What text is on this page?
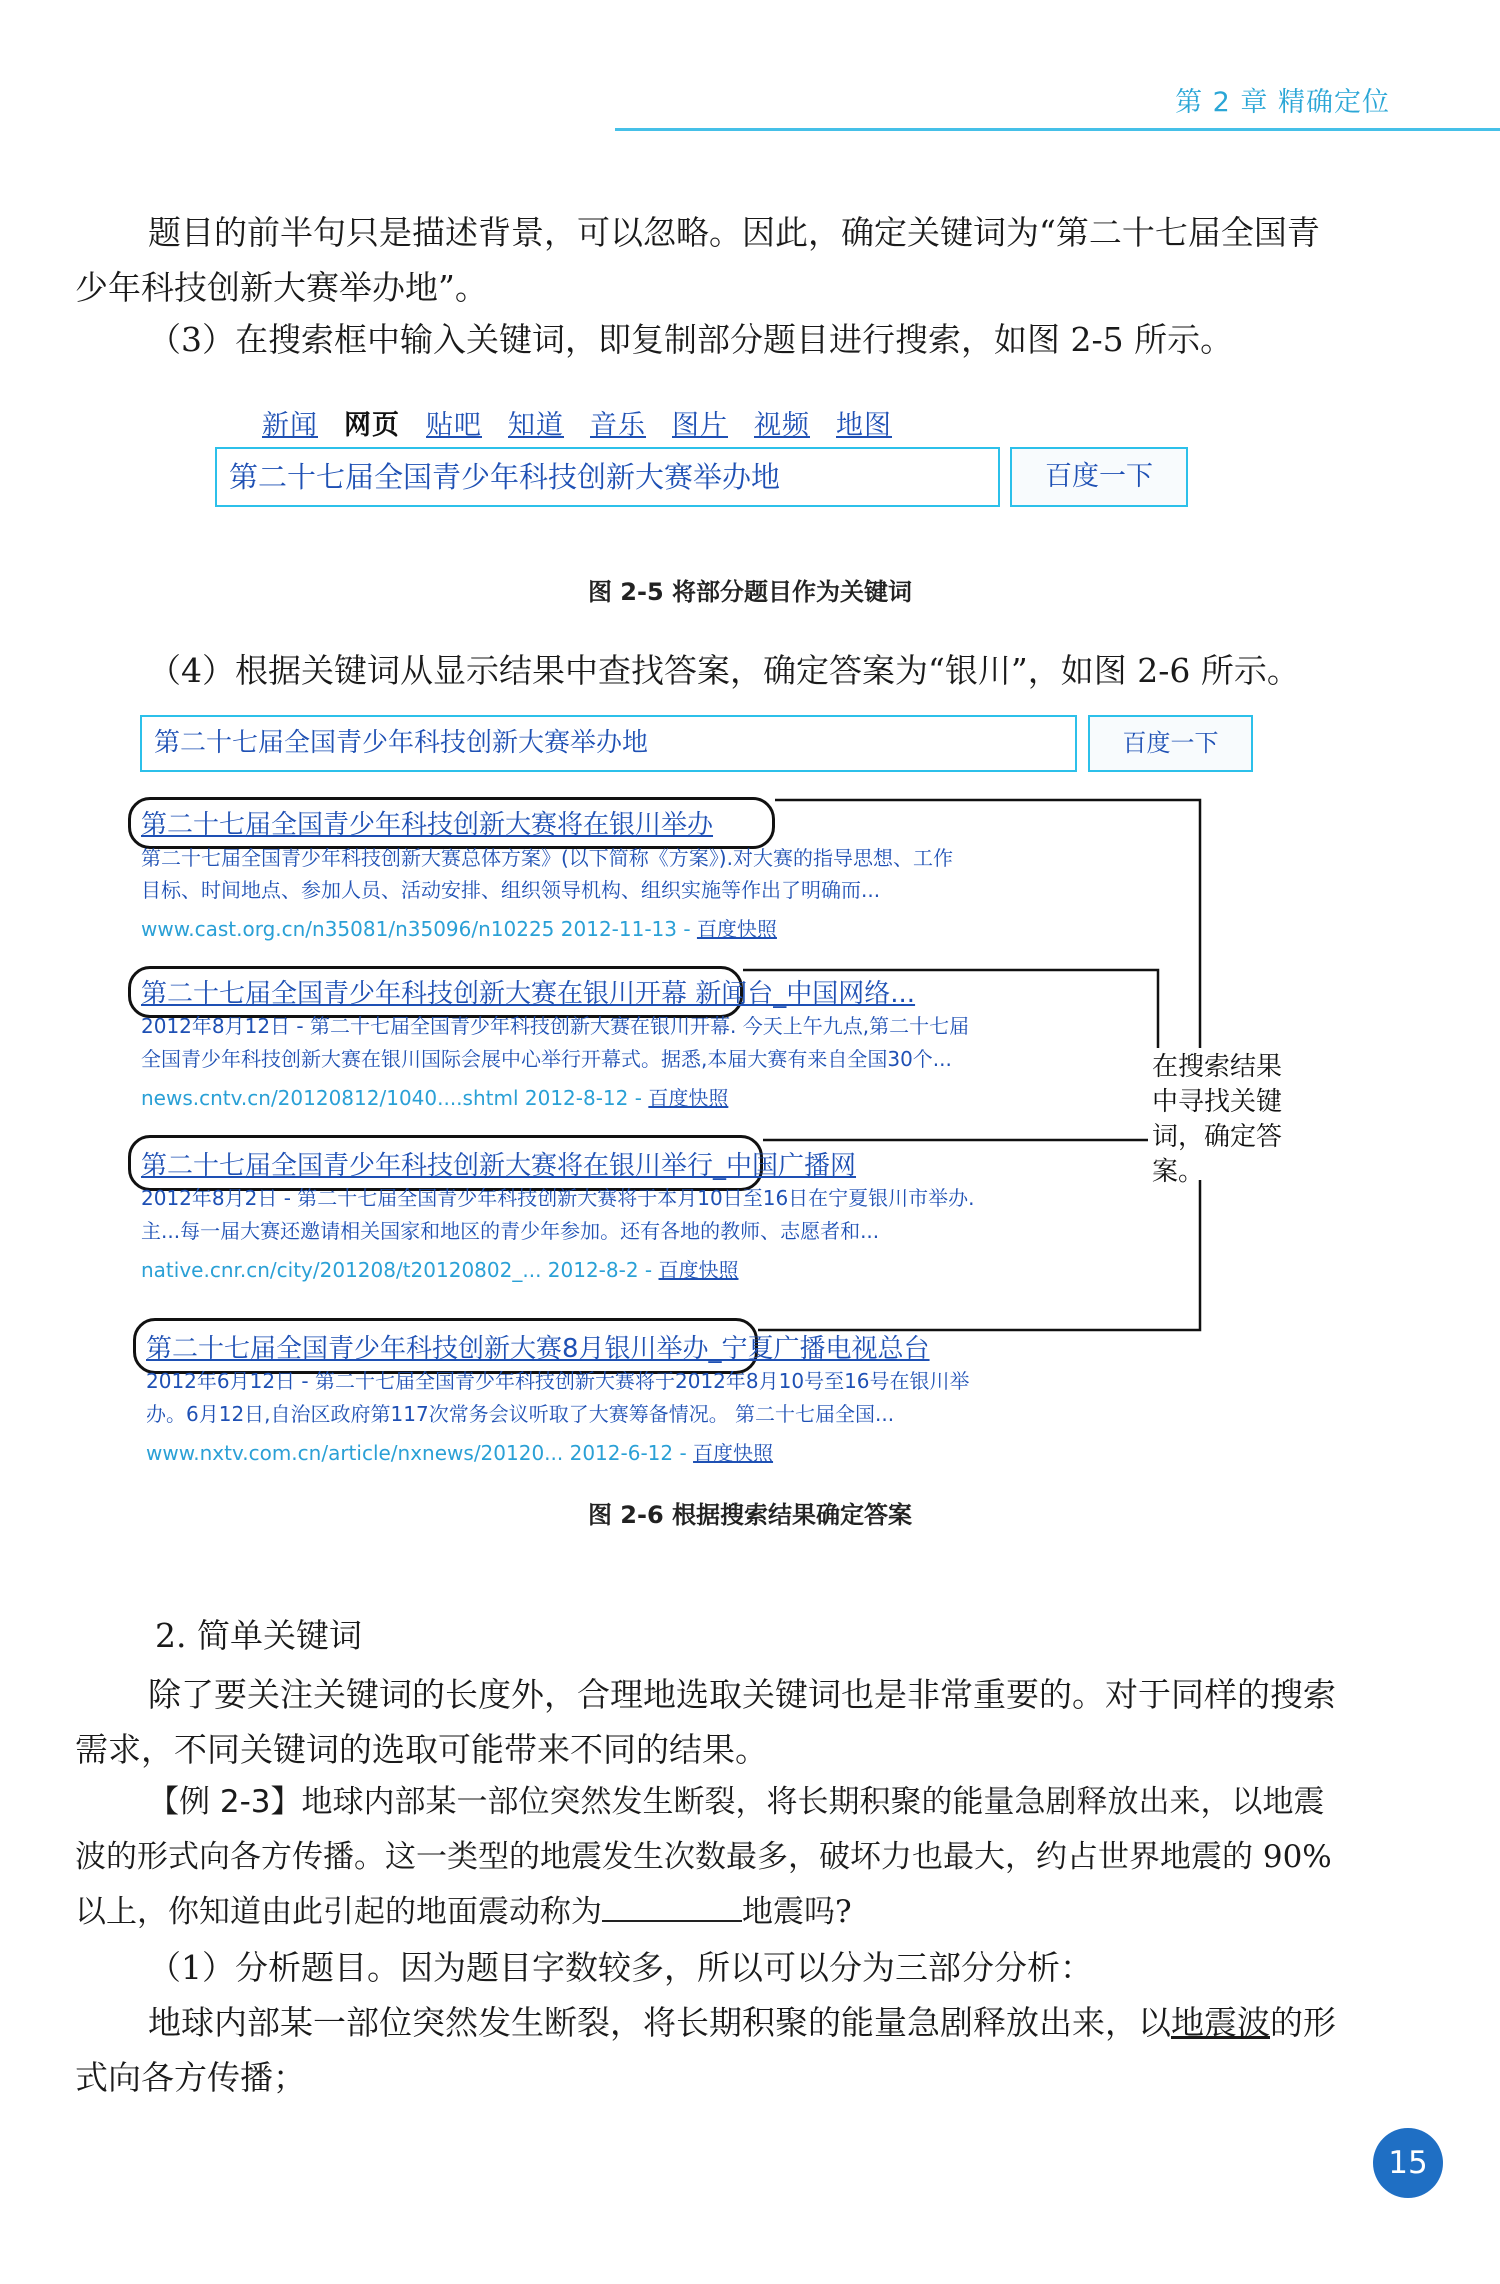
第 2 章 精确定位
题目的前半句只是描述背景，可以忽略。因此，确定关键词为“第二十七届全国青少年科技创新大赛举办地”。
（3）在搜索框中输入关键词，即复制部分题目进行搜索，如图 2-5 所示。
新闻 网页 贴吧 知道 音乐 图片 视频 地图
第二十七届全国青少年科技创新大赛举办地	百度一下
图 2-5 将部分题目作为关键词
（4）根据关键词从显示结果中查找答案，确定答案为“银川”，如图 2-6 所示。
第二十七届全国青少年科技创新大赛举办地	百度一下
第二十七届全国青少年科技创新大赛将在银川举办
第二十七届全国青少年科技创新大赛总体方案》(以下简称《方案》).对大赛的指导思想、工作
目标、时间地点、参加人员、活动安排、组织领导机构、组织实施等作出了明确而...
www.cast.org.cn/n35081/n35096/n10225 2012-11-13 - 百度快照
第二十七届全国青少年科技创新大赛在银川开幕 新闻台_中国网络...
2012年8月12日 - 第二十七届全国青少年科技创新大赛在银川开幕. 今天上午九点,第二十七届
全国青少年科技创新大赛在银川国际会展中心举行开幕式。据悉,本届大赛有来自全国30个...
news.cntv.cn/20120812/1040....shtml 2012-8-12 - 百度快照
第二十七届全国青少年科技创新大赛将在银川举行_中国广播网
2012年8月2日 - 第二十七届全国青少年科技创新大赛将于本月10日至16日在宁夏银川市举办.
主...每一届大赛还邀请相关国家和地区的青少年参加。还有各地的教师、志愿者和...
native.cnr.cn/city/201208/t20120802_... 2012-8-2 - 百度快照
第二十七届全国青少年科技创新大赛8月银川举办_宁夏广播电视总台
2012年6月12日 - 第二十七届全国青少年科技创新大赛将于2012年8月10号至16号在银川举
办。6月12日,自治区政府第117次常务会议听取了大赛筹备情况。 第二十七届全国...
www.nxtv.com.cn/article/nxnews/20120... 2012-6-12 - 百度快照
在搜索结果中寻找关键词，确定答案。
图 2-6 根据搜索结果确定答案
2. 简单关键词
除了要关注关键词的长度外，合理地选取关键词也是非常重要的。对于同样的搜索需求，不同关键词的选取可能带来不同的结果。
【例 2-3】地球内部某一部位突然发生断裂，将长期积聚的能量急剧释放出来，以地震波的形式向各方传播。这一类型的地震发生次数最多，破坏力也最大，约占世界地震的 90% 以上，你知道由此引起的地面震动称为	地震吗?
（1）分析题目。因为题目字数较多，所以可以分为三部分分析：
地球内部某一部位突然发生断裂，将长期积聚的能量急剧释放出来，以地震波的形式向各方传播；
15
